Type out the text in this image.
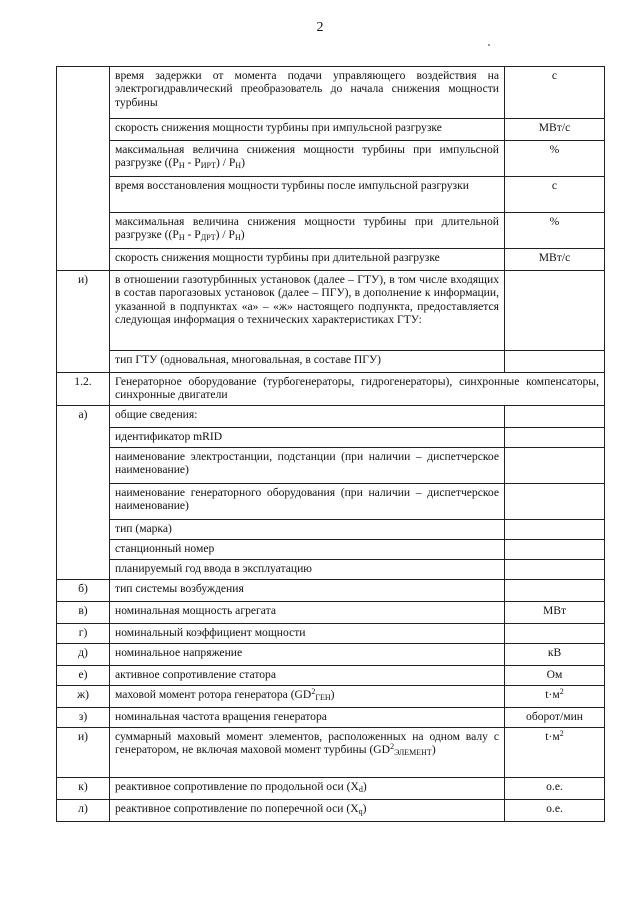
2
	время задержки от момента подачи управляющего воздействия на электрогидравлический преобразователь до начала снижения мощности турбины	с
	скорость снижения мощности турбины при импульсной разгрузке	МВт/с
	максимальная величина снижения мощности турбины при импульсной разгрузке $((P_Н - P_{ИРТ}) / P_Н)$	%
	время восстановления мощности турбины после импульсной разгрузки	с
	максимальная величина снижения мощности турбины при длительной разгрузке $((P_Н - P_{ДРТ}) / P_Н)$	%
	скорость снижения мощности турбины при длительной разгрузке	МВт/с
и)	в отношении газотурбинных установок (далее – ГТУ), в том числе входящих в состав парогазовых установок (далее – ПГУ), в дополнение к информации, указанной в подпунктах «а» – «ж» настоящего подпункта, предоставляется следующая информация о технических характеристиках ГТУ:	
	тип ГТУ (одновальная, многовальная, в составе ПГУ)	
1.2.	Генераторное оборудование (турбогенераторы, гидрогенераторы), синхронные компенсаторы, синхронные двигатели	
а)	общие сведения:	
	идентификатор mRID	
	наименование электростанции, подстанции (при наличии – диспетчерское наименование)	
	наименование генераторного оборудования (при наличии – диспетчерское наименование)	
	тип (марка)	
	станционный номер	
	планируемый год ввода в эксплуатацию	
б)	тип системы возбуждения	
в)	номинальная мощность агрегата	МВт
г)	номинальный коэффициент мощности	
д)	номинальное напряжение	кВ
е)	активное сопротивление статора	Ом
ж)	маховой момент ротора генератора $(GD^2_{ГЕН})$	$t\cdot м^2$
з)	номинальная частота вращения генератора	оборот/мин
и)	суммарный маховый момент элементов, расположенных на одном валу с генератором, не включая маховой момент турбины $(GD^2_{ЭЛЕМЕНТ})$	$t\cdot м^2$
к)	реактивное сопротивление по продольной оси $(X_d)$	о.е.
л)	реактивное сопротивление по поперечной оси $(X_q)$	о.е.
